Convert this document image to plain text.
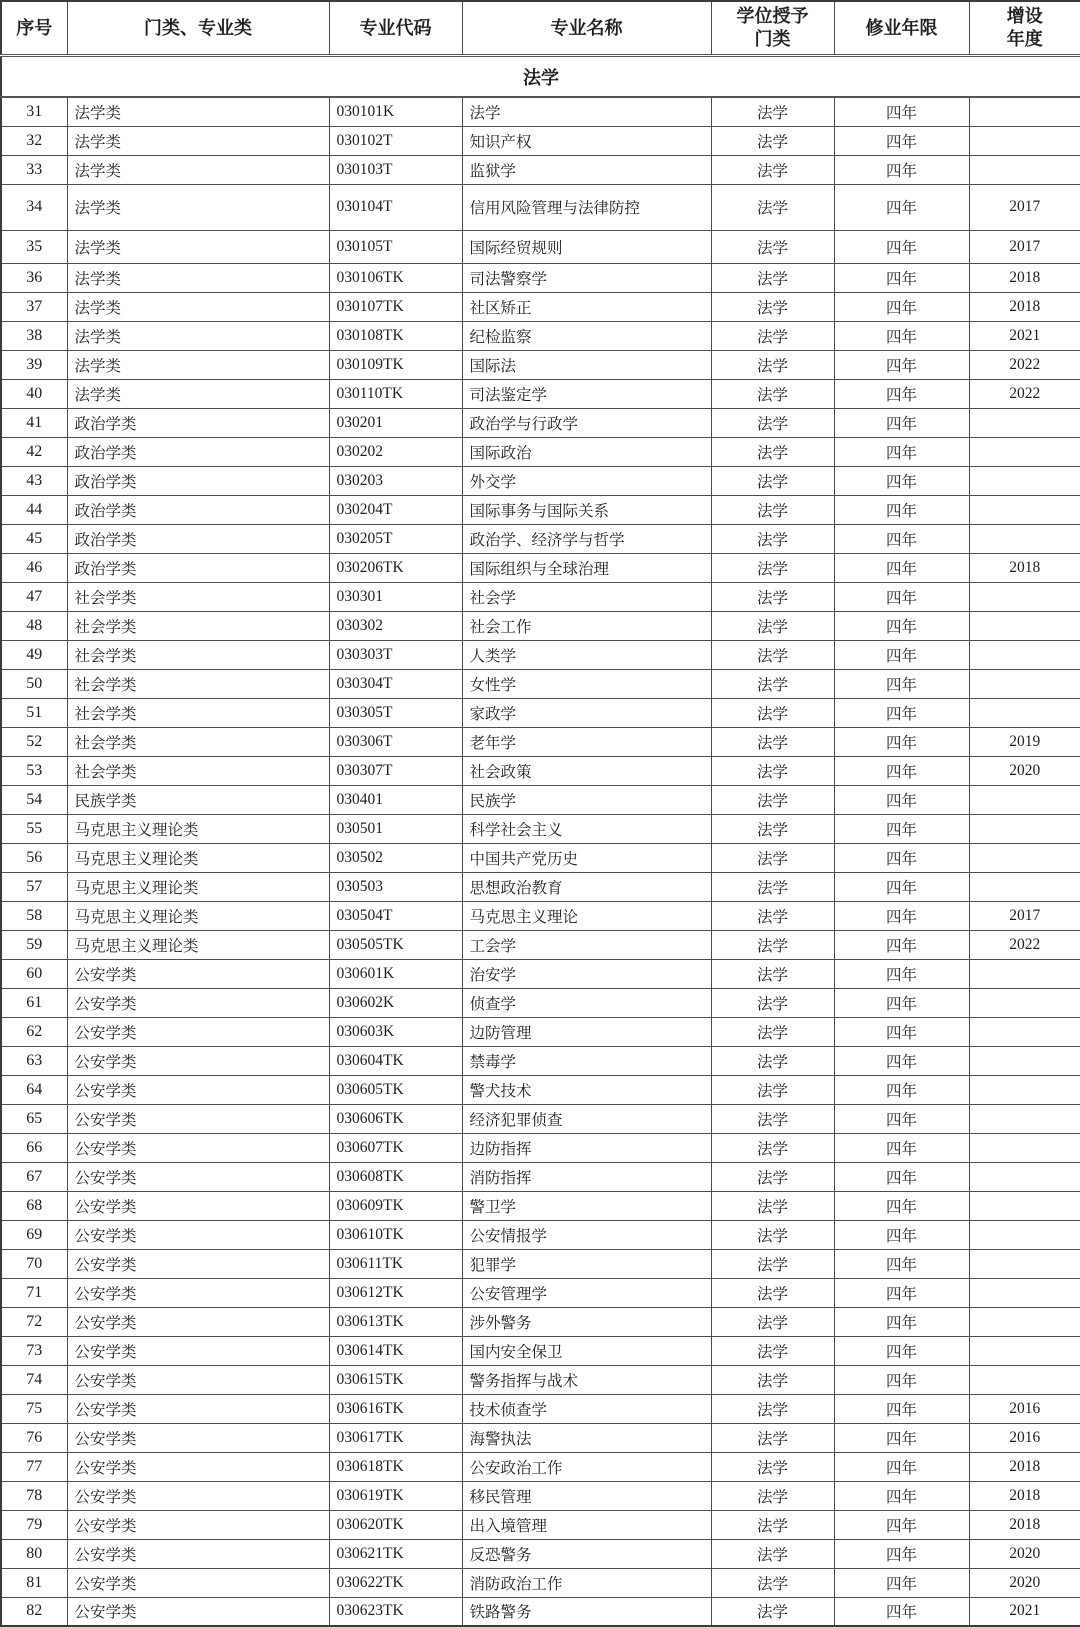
序号	门类、专业类	专业代码	专业名称	学位授予门类	修业年限	增设年度
法学						
31	法学类	030101K	法学	法学	四年	
32	法学类	030102T	知识产权	法学	四年	
33	法学类	030103T	监狱学	法学	四年	
34	法学类	030104T	信用风险管理与法律防控	法学	四年	2017
35	法学类	030105T	国际经贸规则	法学	四年	2017
36	法学类	030106TK	司法警察学	法学	四年	2018
37	法学类	030107TK	社区矫正	法学	四年	2018
38	法学类	030108TK	纪检监察	法学	四年	2021
39	法学类	030109TK	国际法	法学	四年	2022
40	法学类	030110TK	司法鉴定学	法学	四年	2022
41	政治学类	030201	政治学与行政学	法学	四年	
42	政治学类	030202	国际政治	法学	四年	
43	政治学类	030203	外交学	法学	四年	
44	政治学类	030204T	国际事务与国际关系	法学	四年	
45	政治学类	030205T	政治学、经济学与哲学	法学	四年	
46	政治学类	030206TK	国际组织与全球治理	法学	四年	2018
47	社会学类	030301	社会学	法学	四年	
48	社会学类	030302	社会工作	法学	四年	
49	社会学类	030303T	人类学	法学	四年	
50	社会学类	030304T	女性学	法学	四年	
51	社会学类	030305T	家政学	法学	四年	
52	社会学类	030306T	老年学	法学	四年	2019
53	社会学类	030307T	社会政策	法学	四年	2020
54	民族学类	030401	民族学	法学	四年	
55	马克思主义理论类	030501	科学社会主义	法学	四年	
56	马克思主义理论类	030502	中国共产党历史	法学	四年	
57	马克思主义理论类	030503	思想政治教育	法学	四年	
58	马克思主义理论类	030504T	马克思主义理论	法学	四年	2017
59	马克思主义理论类	030505TK	工会学	法学	四年	2022
60	公安学类	030601K	治安学	法学	四年	
61	公安学类	030602K	侦查学	法学	四年	
62	公安学类	030603K	边防管理	法学	四年	
63	公安学类	030604TK	禁毒学	法学	四年	
64	公安学类	030605TK	警犬技术	法学	四年	
65	公安学类	030606TK	经济犯罪侦查	法学	四年	
66	公安学类	030607TK	边防指挥	法学	四年	
67	公安学类	030608TK	消防指挥	法学	四年	
68	公安学类	030609TK	警卫学	法学	四年	
69	公安学类	030610TK	公安情报学	法学	四年	
70	公安学类	030611TK	犯罪学	法学	四年	
71	公安学类	030612TK	公安管理学	法学	四年	
72	公安学类	030613TK	涉外警务	法学	四年	
73	公安学类	030614TK	国内安全保卫	法学	四年	
74	公安学类	030615TK	警务指挥与战术	法学	四年	
75	公安学类	030616TK	技术侦查学	法学	四年	2016
76	公安学类	030617TK	海警执法	法学	四年	2016
77	公安学类	030618TK	公安政治工作	法学	四年	2018
78	公安学类	030619TK	移民管理	法学	四年	2018
79	公安学类	030620TK	出入境管理	法学	四年	2018
80	公安学类	030621TK	反恐警务	法学	四年	2020
81	公安学类	030622TK	消防政治工作	法学	四年	2020
82	公安学类	030623TK	铁路警务	法学	四年	2021
